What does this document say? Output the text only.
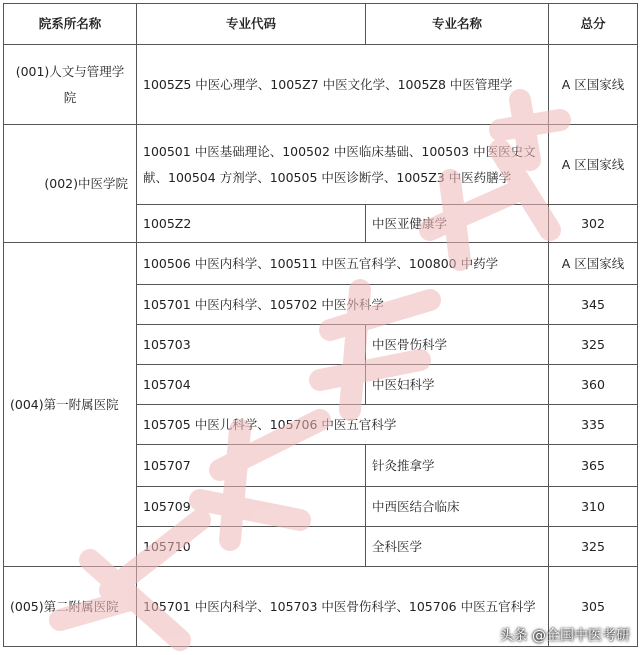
院系所名称	专业代码	专业名称	总分
(001)人文与管理学院	1005Z5 中医心理学、1005Z7 中医文化学、1005Z8 中医管理学		A 区国家线
(002)中医学院	100501 中医基础理论、100502 中医临床基础、100503 中医医史文献、100504 方剂学、100505 中医诊断学、1005Z3 中医药膳学		A 区国家线
	1005Z2	中医亚健康学	302
(004)第一附属医院	100506 中医内科学、100511 中医五官科学、100800 中药学		A 区国家线
	105701 中医内科学、105702 中医外科学		345
	105703	中医骨伤科学	325
	105704	中医妇科学	360
	105705 中医儿科学、105706 中医五官科学		335
	105707	针灸推拿学	365
	105709	中西医结合临床	310
	105710	全科医学	325
(005)第二附属医院	105701 中医内科学、105703 中医骨伤科学、105706 中医五官科学		305
头条 @全国中医考研
